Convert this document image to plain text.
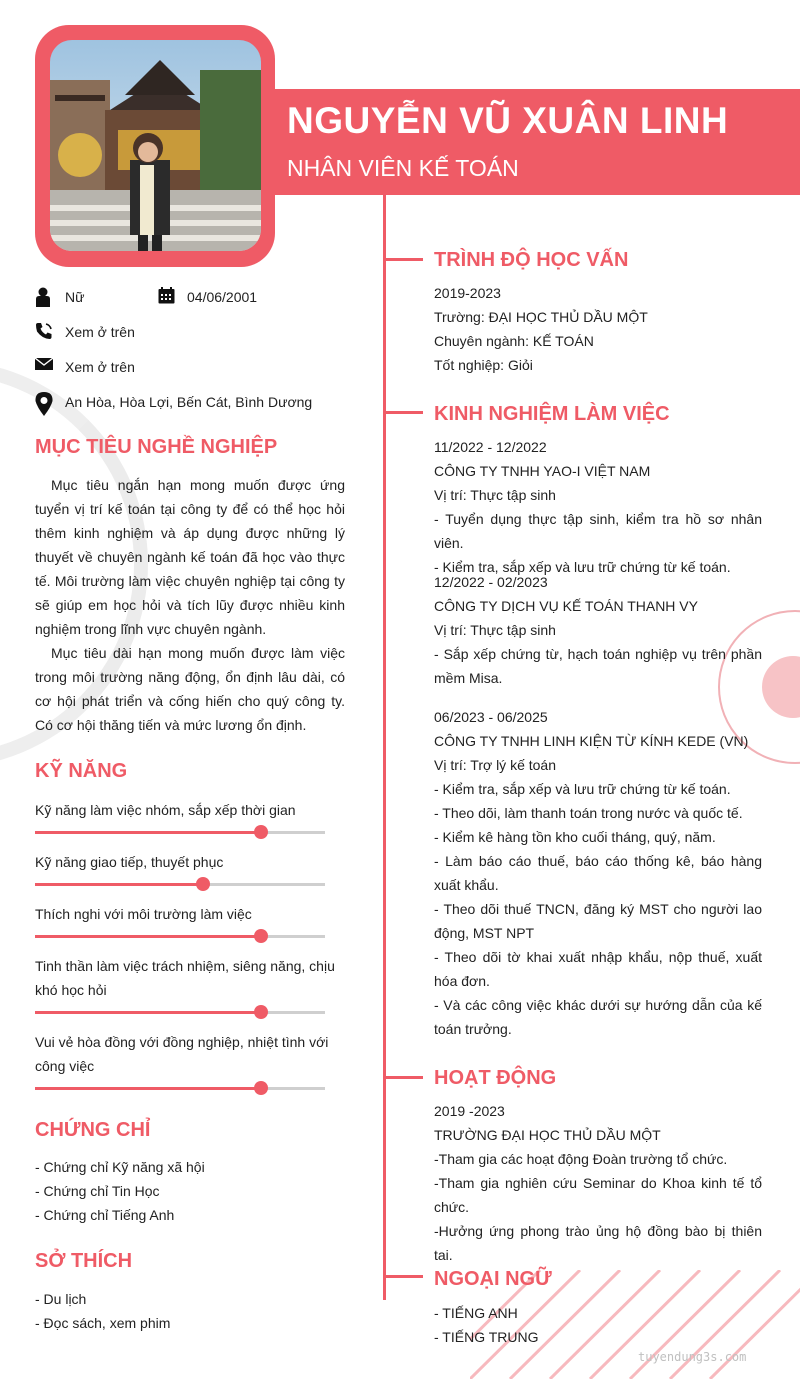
NGUYỄN VŨ XUÂN LINH
NHÂN VIÊN KẾ TOÁN
Nữ	04/06/2001
Xem ở trên
Xem ở trên
An Hòa, Hòa Lợi, Bến Cát, Bình Dương
MỤC TIÊU NGHỀ NGHIỆP
Mục tiêu ngắn hạn mong muốn được ứng tuyển vị trí kế toán tại công ty để có thể học hỏi thêm kinh nghiệm và áp dụng được những lý thuyết về chuyên ngành kế toán đã học vào thực tế. Môi trường làm việc chuyên nghiệp tại công ty sẽ giúp em học hỏi và tích lũy được nhiều kinh nghiệm trong lĩnh vực chuyên ngành.
Mục tiêu dài hạn mong muốn được làm việc trong môi trường năng động, ổn định lâu dài, có cơ hội phát triển và cống hiến cho quý công ty. Có cơ hội thăng tiến và mức lương ổn định.
KỸ NĂNG
Kỹ năng làm việc nhóm, sắp xếp thời gian
Kỹ năng giao tiếp, thuyết phục
Thích nghi với môi trường làm việc
Tinh thần làm việc trách nhiệm, siêng năng, chịu khó học hỏi
Vui vẻ hòa đồng với đồng nghiệp, nhiệt tình với công việc
CHỨNG CHỈ
- Chứng chỉ Kỹ năng xã hội
- Chứng chỉ Tin Học
- Chứng chỉ Tiếng Anh
SỞ THÍCH
- Du lịch
- Đọc sách, xem phim
TRÌNH ĐỘ HỌC VẤN
2019-2023
Trường: ĐẠI HỌC THỦ DẦU MỘT
Chuyên ngành: KẾ TOÁN
Tốt nghiệp: Giỏi
KINH NGHIỆM LÀM VIỆC
11/2022 - 12/2022
CÔNG TY TNHH YAO-I VIỆT NAM
Vị trí: Thực tập sinh
- Tuyển dụng thực tập sinh, kiểm tra hồ sơ nhân viên.
- Kiểm tra, sắp xếp và lưu trữ chứng từ kế toán.
12/2022 - 02/2023
CÔNG TY DỊCH VỤ KẾ TOÁN THANH VY
Vị trí: Thực tập sinh
- Sắp xếp chứng từ, hạch toán nghiệp vụ trên phần mềm Misa.
06/2023 - 06/2025
CÔNG TY TNHH LINH KIỆN TỪ KÍNH KEDE (VN)
Vị trí: Trợ lý kế toán
- Kiểm tra, sắp xếp và lưu trữ chứng từ kế toán.
- Theo dõi, làm thanh toán trong nước và quốc tế.
- Kiểm kê hàng tồn kho cuối tháng, quý, năm.
- Làm báo cáo thuế, báo cáo thống kê, báo hàng xuất khẩu.
- Theo dõi thuế TNCN, đăng ký MST cho người lao động, MST NPT
- Theo dõi tờ khai xuất nhập khẩu, nộp thuế, xuất hóa đơn.
- Và các công việc khác dưới sự hướng dẫn của kế toán trưởng.
HOẠT ĐỘNG
2019 -2023
TRƯỜNG ĐẠI HỌC THỦ DẦU MỘT
-Tham gia các hoạt động Đoàn trường tổ chức.
-Tham gia nghiên cứu Seminar do Khoa kinh tế tổ chức.
-Hưởng ứng phong trào ủng hộ đồng bào bị thiên tai.
NGOẠI NGỮ
- TIẾNG ANH
- TIẾNG TRUNG
tuyendung3s.com
